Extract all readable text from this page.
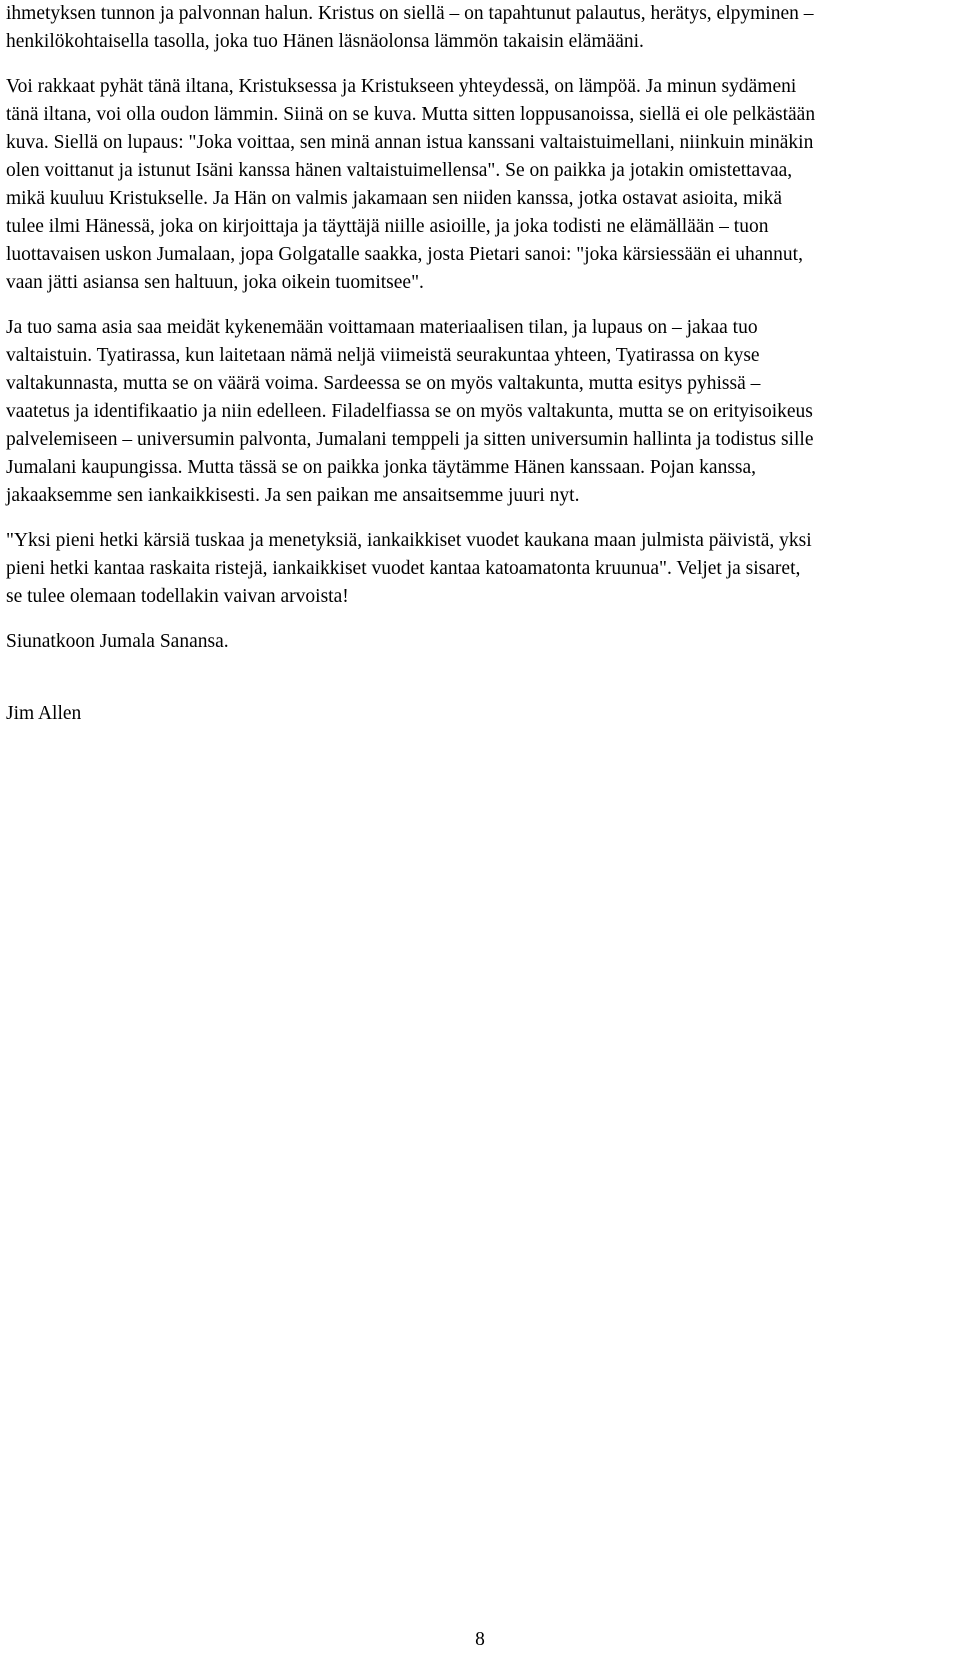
ihmetyksen tunnon ja palvonnan halun. Kristus on siellä – on tapahtunut palautus, herätys, elpyminen –
henkilökohtaisella tasolla, joka tuo Hänen läsnäolonsa lämmön takaisin elämääni.
Voi rakkaat pyhät tänä iltana, Kristuksessa ja Kristukseen yhteydessä, on lämpöä. Ja minun sydämeni
tänä iltana, voi olla oudon lämmin. Siinä on se kuva. Mutta sitten loppusanoissa, siellä ei ole pelkästään
kuva. Siellä on lupaus: "Joka voittaa, sen minä annan istua kanssani valtaistuimellani, niinkuin minäkin
olen voittanut ja istunut Isäni kanssa hänen valtaistuimellensa". Se on paikka ja jotakin omistettavaa,
mikä kuuluu Kristukselle. Ja Hän on valmis jakamaan sen niiden kanssa, jotka ostavat asioita, mikä
tulee ilmi Hänessä, joka on kirjoittaja ja täyttäjä niille asioille, ja joka todisti ne elämällään – tuon
luottavaisen uskon Jumalaan, jopa Golgatalle saakka, josta Pietari sanoi: "joka kärsiessään ei uhannut,
vaan jätti asiansa sen haltuun, joka oikein tuomitsee".
Ja tuo sama asia saa meidät kykenemään voittamaan materiaalisen tilan, ja lupaus on – jakaa tuo
valtaistuin. Tyatirassa, kun laitetaan nämä neljä viimeistä seurakuntaa yhteen, Tyatirassa on kyse
valtakunnasta, mutta se on väärä voima. Sardeessa se on myös valtakunta, mutta esitys pyhissä –
vaatetus ja identifikaatio ja niin edelleen. Filadelfiassa se on myös valtakunta, mutta se on erityisoikeus
palvelemiseen – universumin palvonta, Jumalani temppeli ja sitten universumin hallinta ja todistus sille
Jumalani kaupungissa. Mutta tässä se on paikka jonka täytämme Hänen kanssaan. Pojan kanssa,
jakaaksemme sen iankaikkisesti. Ja sen paikan me ansaitsemme juuri nyt.
"Yksi pieni hetki kärsiä tuskaa ja menetyksiä, iankaikkiset vuodet kaukana maan julmista päivistä, yksi
pieni hetki kantaa raskaita ristejä, iankaikkiset vuodet kantaa katoamatonta kruunua". Veljet ja sisaret,
se tulee olemaan todellakin vaivan arvoista!
Siunatkoon Jumala Sanansa.
Jim Allen
8
